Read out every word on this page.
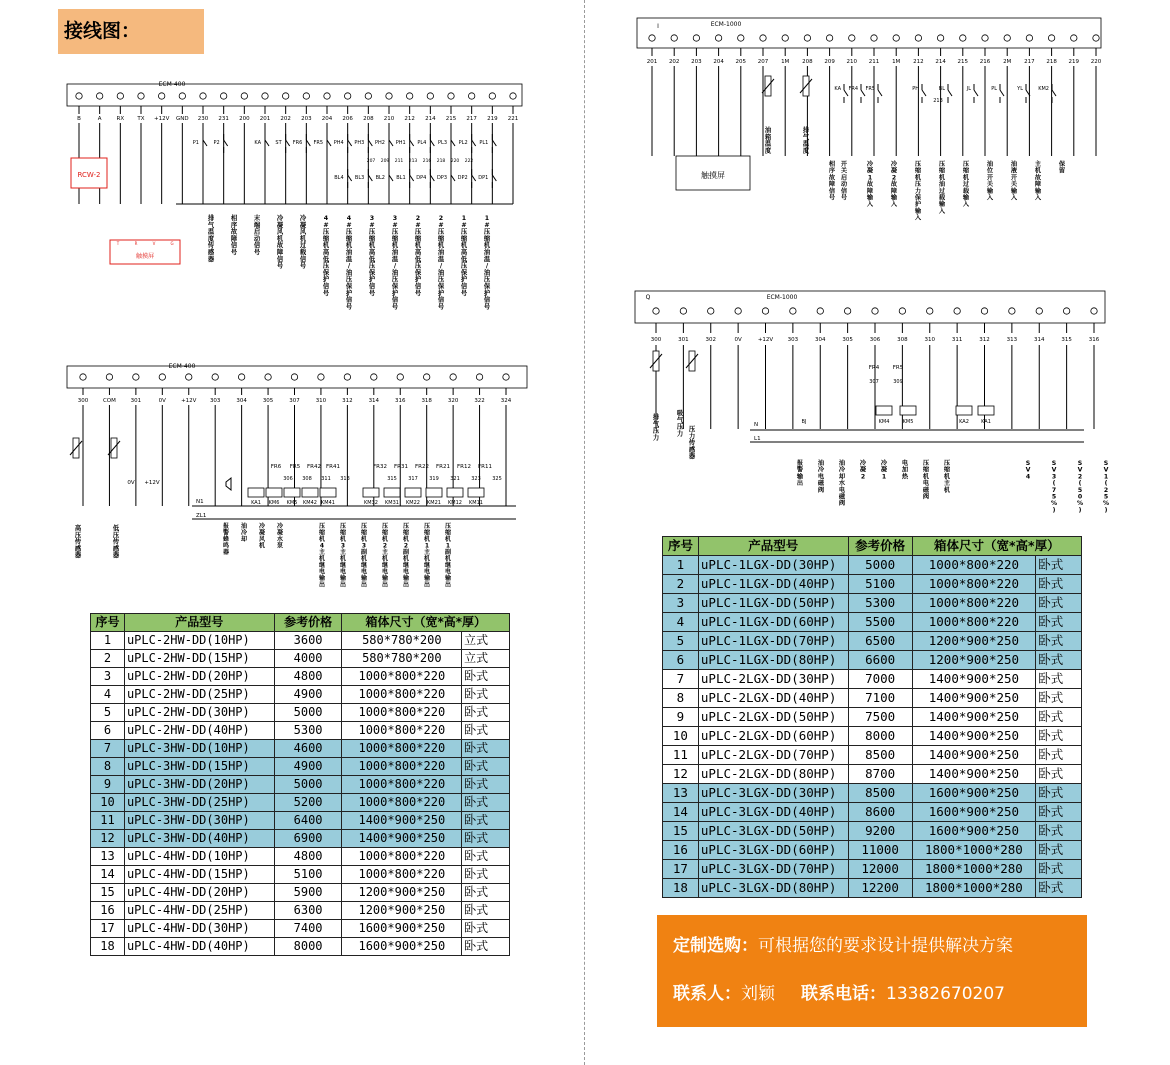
接线图：
ECM-400
B	A	RX TX +12V GND 230 231 200 201 202 203 204 206 208 210 212 214 215 217 219 221
RCW-2
T	R	V	G
触摸屏
P1	P2	KA	ST FR6 FR5 PH4
BL4
PH3
BL3
PH2
BL2
PH1
BL1
PL4
DP4
PL3
DP3
PL2
DP2
PL1
DP1
207 209 211 213 216 218 220 222
排气温度传感器
相序故障信号
末端启动信号
冷凝风机故障信号
冷凝风机过载信号
4 #压缩机高低压保护信号
4 #压缩机油温/油压保护信号
3 #压缩机高低压保护信号
3 #压缩机油温/油压保护信号
2 #压缩机高低压保护信号
2 #压缩机油温/油压保护信号
1 #压缩机高低压保护信号
1 #压缩机油温/油压保护信号
ECM-400
300	COM	301	0V	+12V 303	304	305	307	310	312	314	316	318	320	322	324
0V +12V
FR6 FR5 FR42 FR41	FR32 FR31 FR22 FR21 FR12 FR11
306 308 311 313	315 317 319 321 323 325
KA1 KM6 KM5 KM42 KM41	KM32 KM31 KM22 KM21 KM12 KM11
N1
ZL1
高压传感器
低压传感器
报警蜂鸣器
油冷却
冷凝风机
冷凝水泵
压缩机 4 主机继电输出
压缩机 3 主机继电输出
压缩机 3 副机继电输出
压缩机 2 主机继电输出
压缩机 2 副机继电输出
压缩机 1 主机继电输出
压缩机 1 副机继电输出
I	ECM-1000
201 202 203 204 205 207 1M 208 209 210 211 1M 212 214 215 216 2M 217 218 219 220
触摸屏
KA FR4 FR5	PH	BL	JL	PL	YL	KM2
213
油箱温度
排气温度
相序故障信号
开关启动信号
冷凝 1 故障输入
冷凝 2 故障输入
压缩机压力保护输入
压缩机油过载输入
压缩机过载输入
油位开关输入
油液开关输入
主机故障输入
保留
Q	ECM-1000
300	301	302	0V	+12V	303	304	305	306	308	310	311	312	313	314	315	316
FR4 FR5
307	309
KM4	KM5	KA2 KA1
BJ
N
L1
排气压力
吸气压力
压力传感器
报警输出
油冷电磁阀
油冷却水电磁阀
冷凝 2
冷凝 1
电加热
压缩机电磁阀
压缩机主机
S V 4
S V 3 ( 7 5 % )
S V 2 ( 5 0 % )
S V 1 ( 2 5 % )
序号	产品型号	参考价格	箱体尺寸（宽*高*厚）	
1	uPLC-2HW-DD(10HP)	3600	580*780*200	立式
2	uPLC-2HW-DD(15HP)	4000	580*780*200	立式
3	uPLC-2HW-DD(20HP)	4800	1000*800*220	卧式
4	uPLC-2HW-DD(25HP)	4900	1000*800*220	卧式
5	uPLC-2HW-DD(30HP)	5000	1000*800*220	卧式
6	uPLC-2HW-DD(40HP)	5300	1000*800*220	卧式
7	uPLC-3HW-DD(10HP)	4600	1000*800*220	卧式
8	uPLC-3HW-DD(15HP)	4900	1000*800*220	卧式
9	uPLC-3HW-DD(20HP)	5000	1000*800*220	卧式
10	uPLC-3HW-DD(25HP)	5200	1000*800*220	卧式
11	uPLC-3HW-DD(30HP)	6400	1400*900*250	卧式
12	uPLC-3HW-DD(40HP)	6900	1400*900*250	卧式
13	uPLC-4HW-DD(10HP)	4800	1000*800*220	卧式
14	uPLC-4HW-DD(15HP)	5100	1000*800*220	卧式
15	uPLC-4HW-DD(20HP)	5900	1200*900*250	卧式
16	uPLC-4HW-DD(25HP)	6300	1200*900*250	卧式
17	uPLC-4HW-DD(30HP)	7400	1600*900*250	卧式
18	uPLC-4HW-DD(40HP)	8000	1600*900*250	卧式
序号	产品型号	参考价格	箱体尺寸（宽*高*厚）	
1	uPLC-1LGX-DD(30HP)	5000	1000*800*220	卧式
2	uPLC-1LGX-DD(40HP)	5100	1000*800*220	卧式
3	uPLC-1LGX-DD(50HP)	5300	1000*800*220	卧式
4	uPLC-1LGX-DD(60HP)	5500	1000*800*220	卧式
5	uPLC-1LGX-DD(70HP)	6500	1200*900*250	卧式
6	uPLC-1LGX-DD(80HP)	6600	1200*900*250	卧式
7	uPLC-2LGX-DD(30HP)	7000	1400*900*250	卧式
8	uPLC-2LGX-DD(40HP)	7100	1400*900*250	卧式
9	uPLC-2LGX-DD(50HP)	7500	1400*900*250	卧式
10	uPLC-2LGX-DD(60HP)	8000	1400*900*250	卧式
11	uPLC-2LGX-DD(70HP)	8500	1400*900*250	卧式
12	uPLC-2LGX-DD(80HP)	8700	1400*900*250	卧式
13	uPLC-3LGX-DD(30HP)	8500	1600*900*250	卧式
14	uPLC-3LGX-DD(40HP)	8600	1600*900*250	卧式
15	uPLC-3LGX-DD(50HP)	9200	1600*900*250	卧式
16	uPLC-3LGX-DD(60HP)	11000	1800*1000*280	卧式
17	uPLC-3LGX-DD(70HP)	12000	1800*1000*280	卧式
18	uPLC-3LGX-DD(80HP)	12200	1800*1000*280	卧式
定制选购：可根据您的要求设计提供解决方案
联系人：刘颖 联系电话：13382670207
